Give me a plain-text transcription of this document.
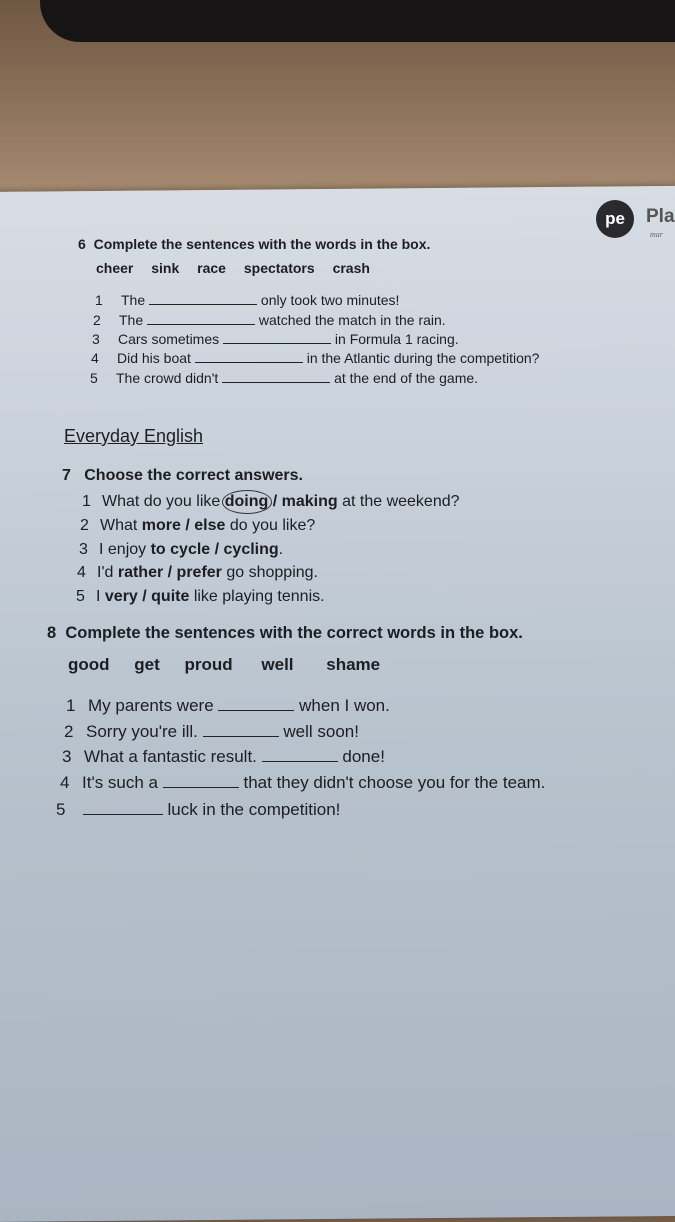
pe Pla
mar
6 Complete the sentences with the words in the box.
cheer sink race spectators crash
1 The	only took two minutes!
2 The	watched the match in the rain.
3 Cars sometimes	in Formula 1 racing.
4 Did his boat	in the Atlantic during the competition?
5 The crowd didn't	at the end of the game.
Everyday English
7 Choose the correct answers.
1 What do you like doing / making at the weekend?
2 What more / else do you like?
3 I enjoy to cycle / cycling.
4 I'd rather / prefer go shopping.
5 I very / quite like playing tennis.
8 Complete the sentences with the correct words in the box.
good get proud well shame
1 My parents were	when I won.
2 Sorry you're ill.	well soon!
3 What a fantastic result.	done!
4 It's such a	that they didn't choose you for the team.
5	luck in the competition!
